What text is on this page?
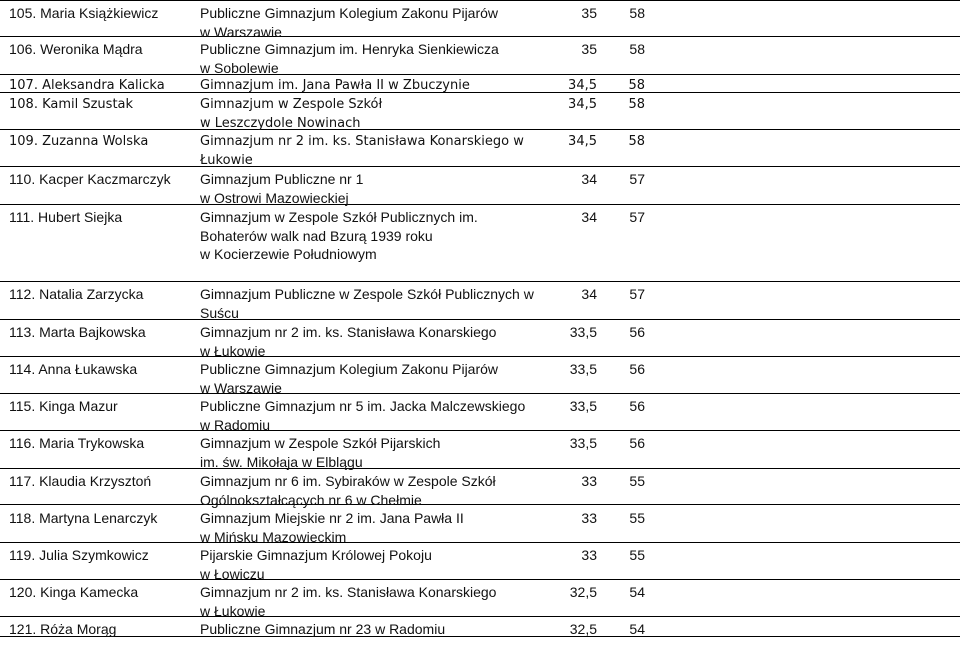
105. Maria Książkiewicz	Publiczne Gimnazjum Kolegium Zakonu Pijarów
w Warszawie
35	58
106. Weronika Mądra	Publiczne Gimnazjum im. Henryka Sienkiewicza
w Sobolewie
35	58
107. Aleksandra Kalicka	Gimnazjum im. Jana Pawła II w Zbuczynie	34,5	58
108. Kamil Szustak	Gimnazjum w Zespole Szkół
w Leszczydole Nowinach
34,5	58
109. Zuzanna Wolska	Gimnazjum nr 2 im. ks. Stanisława Konarskiego w
Łukowie
34,5	58
110. Kacper Kaczmarczyk Gimnazjum Publiczne nr 1
w Ostrowi Mazowieckiej
34	57
111. Hubert Siejka	Gimnazjum w Zespole Szkół Publicznych im.
Bohaterów walk nad Bzurą 1939 roku
w Kocierzewie Południowym
34	57
112. Natalia Zarzycka	Gimnazjum Publiczne w Zespole Szkół Publicznych w
Suścu
34	57
113. Marta Bajkowska	Gimnazjum nr 2 im. ks. Stanisława Konarskiego
w Łukowie
33,5	56
114. Anna Łukawska	Publiczne Gimnazjum Kolegium Zakonu Pijarów
w Warszawie
33,5	56
115. Kinga Mazur	Publiczne Gimnazjum nr 5 im. Jacka Malczewskiego
w Radomiu
33,5	56
116. Maria Trykowska	Gimnazjum w Zespole Szkół Pijarskich
im. św. Mikołaja w Elblągu
33,5	56
117. Klaudia Krzysztoń	Gimnazjum nr 6 im. Sybiraków w Zespole Szkół
Ogólnokształcących nr 6 w Chełmie
33	55
118. Martyna Lenarczyk	Gimnazjum Miejskie nr 2 im. Jana Pawła II
w Mińsku Mazowieckim
33	55
119. Julia Szymkowicz	Pijarskie Gimnazjum Królowej Pokoju
w Łowiczu
33	55
120. Kinga Kamecka	Gimnazjum nr 2 im. ks. Stanisława Konarskiego
w Łukowie
32,5	54
121. Róża Morąg	Publiczne Gimnazjum nr 23 w Radomiu	32,5	54
